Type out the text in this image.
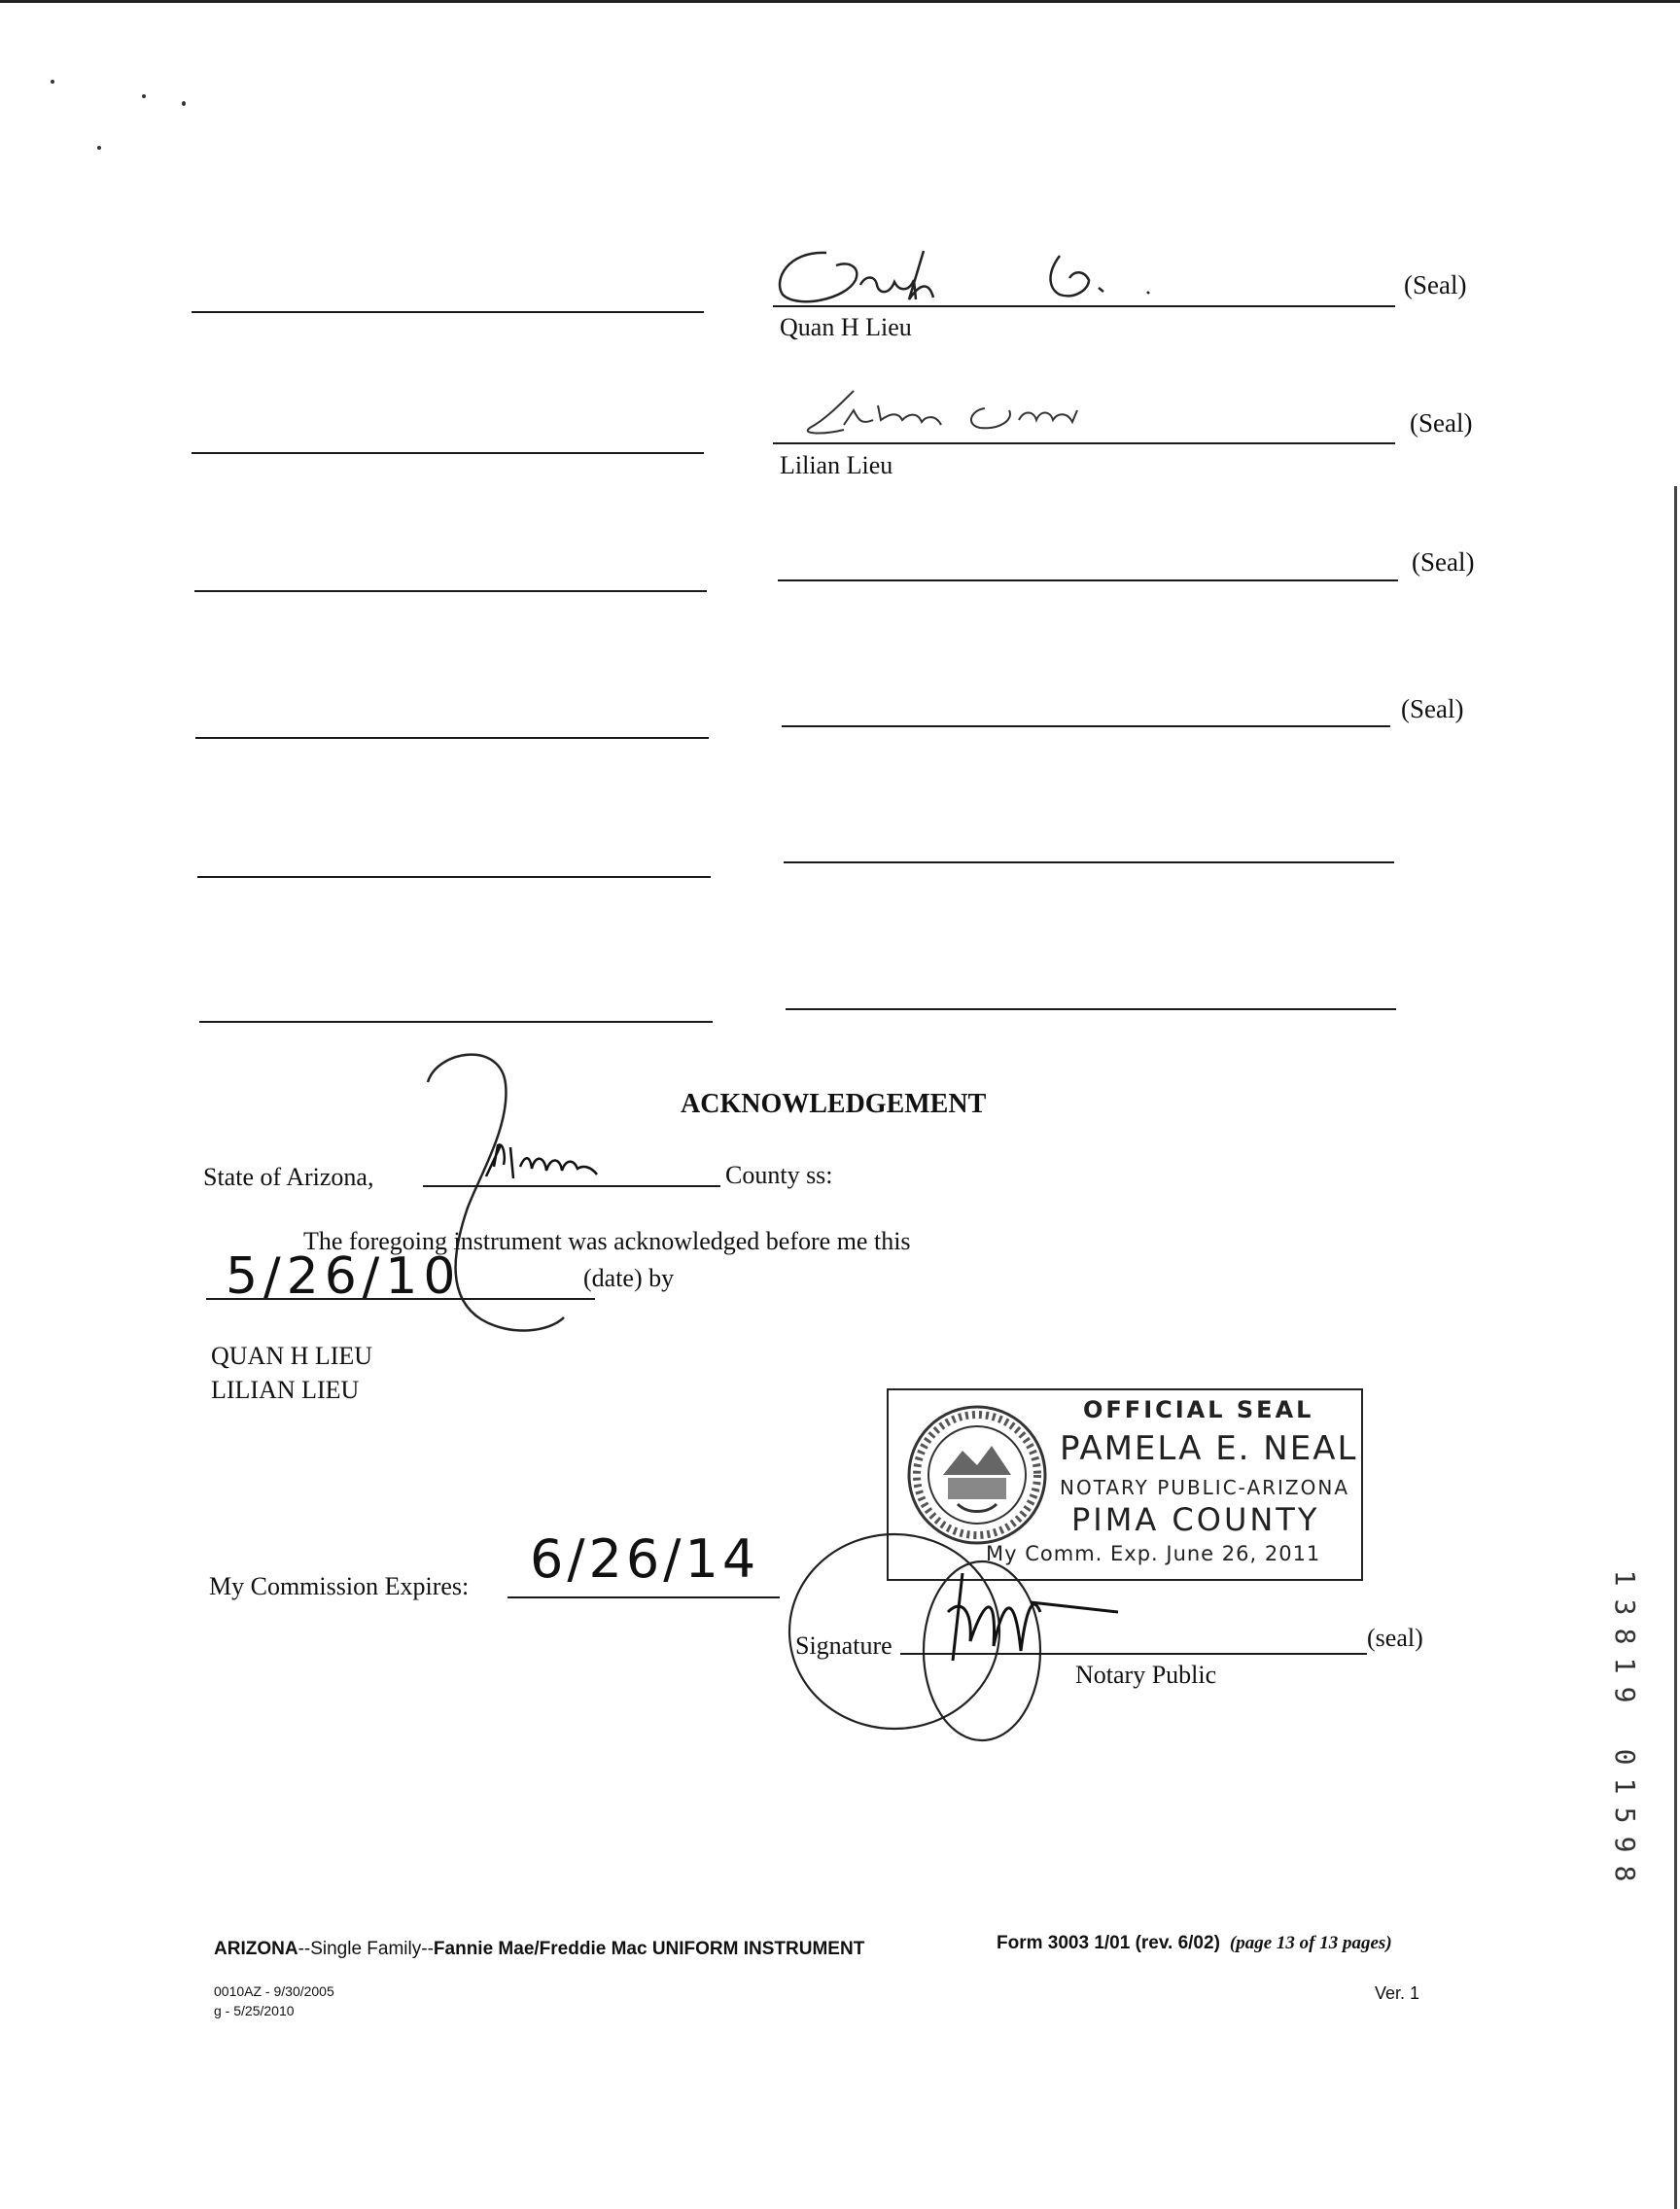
(Seal)
Quan H Lieu
(Seal)
Lilian Lieu
(Seal)
(Seal)
ACKNOWLEDGEMENT
State of Arizona,	County ss:
The foregoing instrument was acknowledged before me this
5/26/10	(date) by
QUAN H LIEU
LILIAN LIEU
My Commission Expires: 6/26/14
OFFICIAL SEAL
PAMELA E. NEAL
NOTARY PUBLIC-ARIZONA
PIMA COUNTY
My Comm. Exp. June 26, 2011
Signature	(seal)
Notary Public
1
3
8
1
9
0
1
5
9
8
ARIZONA--Single Family--Fannie Mae/Freddie Mac UNIFORM INSTRUMENT	Form 3003 1/01 (rev. 6/02) (page 13 of 13 pages)
0010AZ - 9/30/2005
g - 5/25/2010
Ver. 1
